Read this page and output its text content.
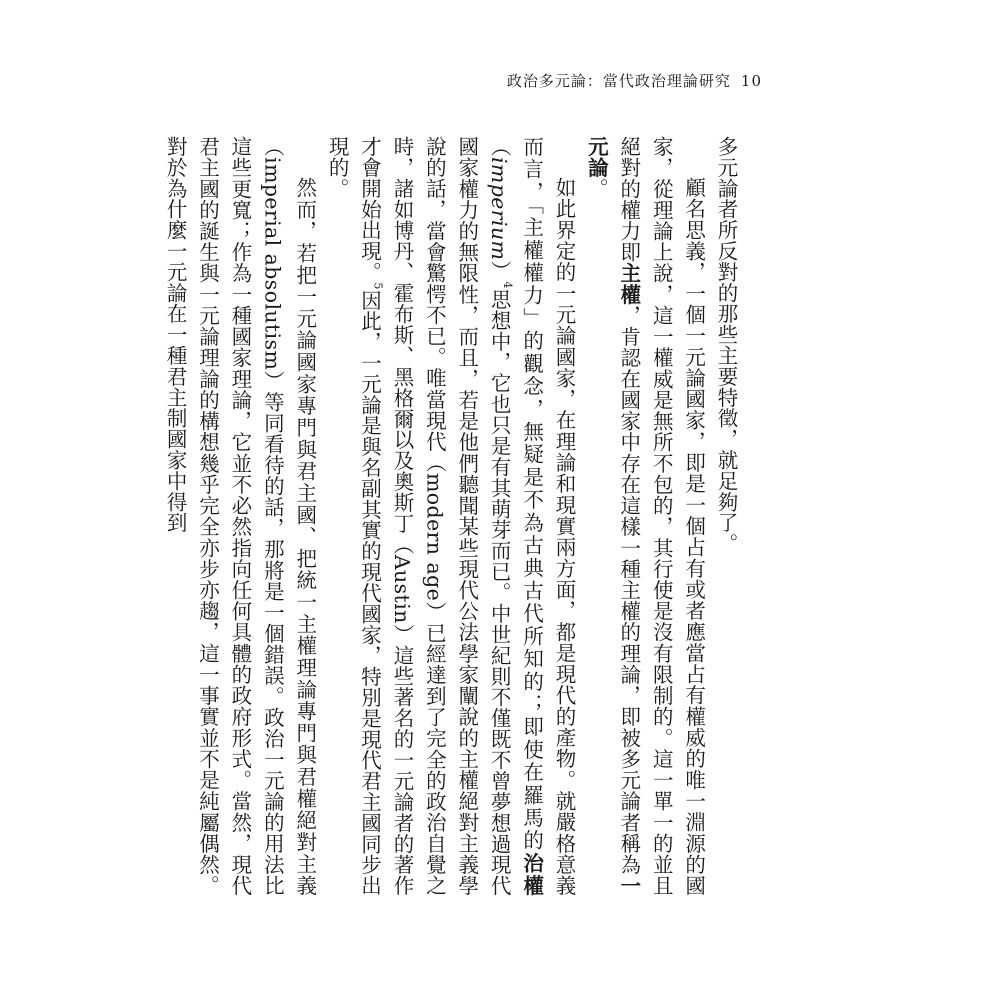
政治多元論：當代政治理論研究 10

多元論者所反對的那些主要特徵，就足夠了。

顧名思義，一個一元論國家，即是一個占有或者應當占有權威的唯一淵源的國家，從理論上說，這一權威是無所不包的，其行使是沒有限制的。這一單一的並且絕對的權力即主權，肯認在國家中存在這樣一種主權的理論，即被多元論者稱為一元論。

如此界定的一元論國家，在理論和現實兩方面，都是現代的產物。就嚴格意義而言，「主權權力」的觀念，無疑是不為古典古代所知的；即使在羅馬的治權（imperium）$^4$思想中，它也只是有其萌芽而已。中世紀則不僅既不曾夢想過現代國家權力的無限性，而且，若是他們聽聞某些現代公法學家闡說的主權絕對主義學說的話，當會驚愕不已。唯當現代（modern age）已經達到了完全的政治自覺之時，諸如博丹、霍布斯、黑格爾以及奧斯丁（Austin）這些著名的一元論者的著作才會開始出現。$^5$因此，一元論是與名副其實的現代國家，特別是現代君主國同步出現的。

然而，若把一元論國家專門與君主國、把統一主權理論專門與君權絕對主義（imperial absolutism）等同看待的話，那將是一個錯誤。政治一元論的用法比這些更寬；作為一種國家理論，它並不必然指向任何具體的政府形式。當然，現代君主國的誕生與一元論理論的構想幾乎完全亦步亦趨，這一事實並不是純屬偶然。對於為什麼一元論在一種君主制國家中得到
